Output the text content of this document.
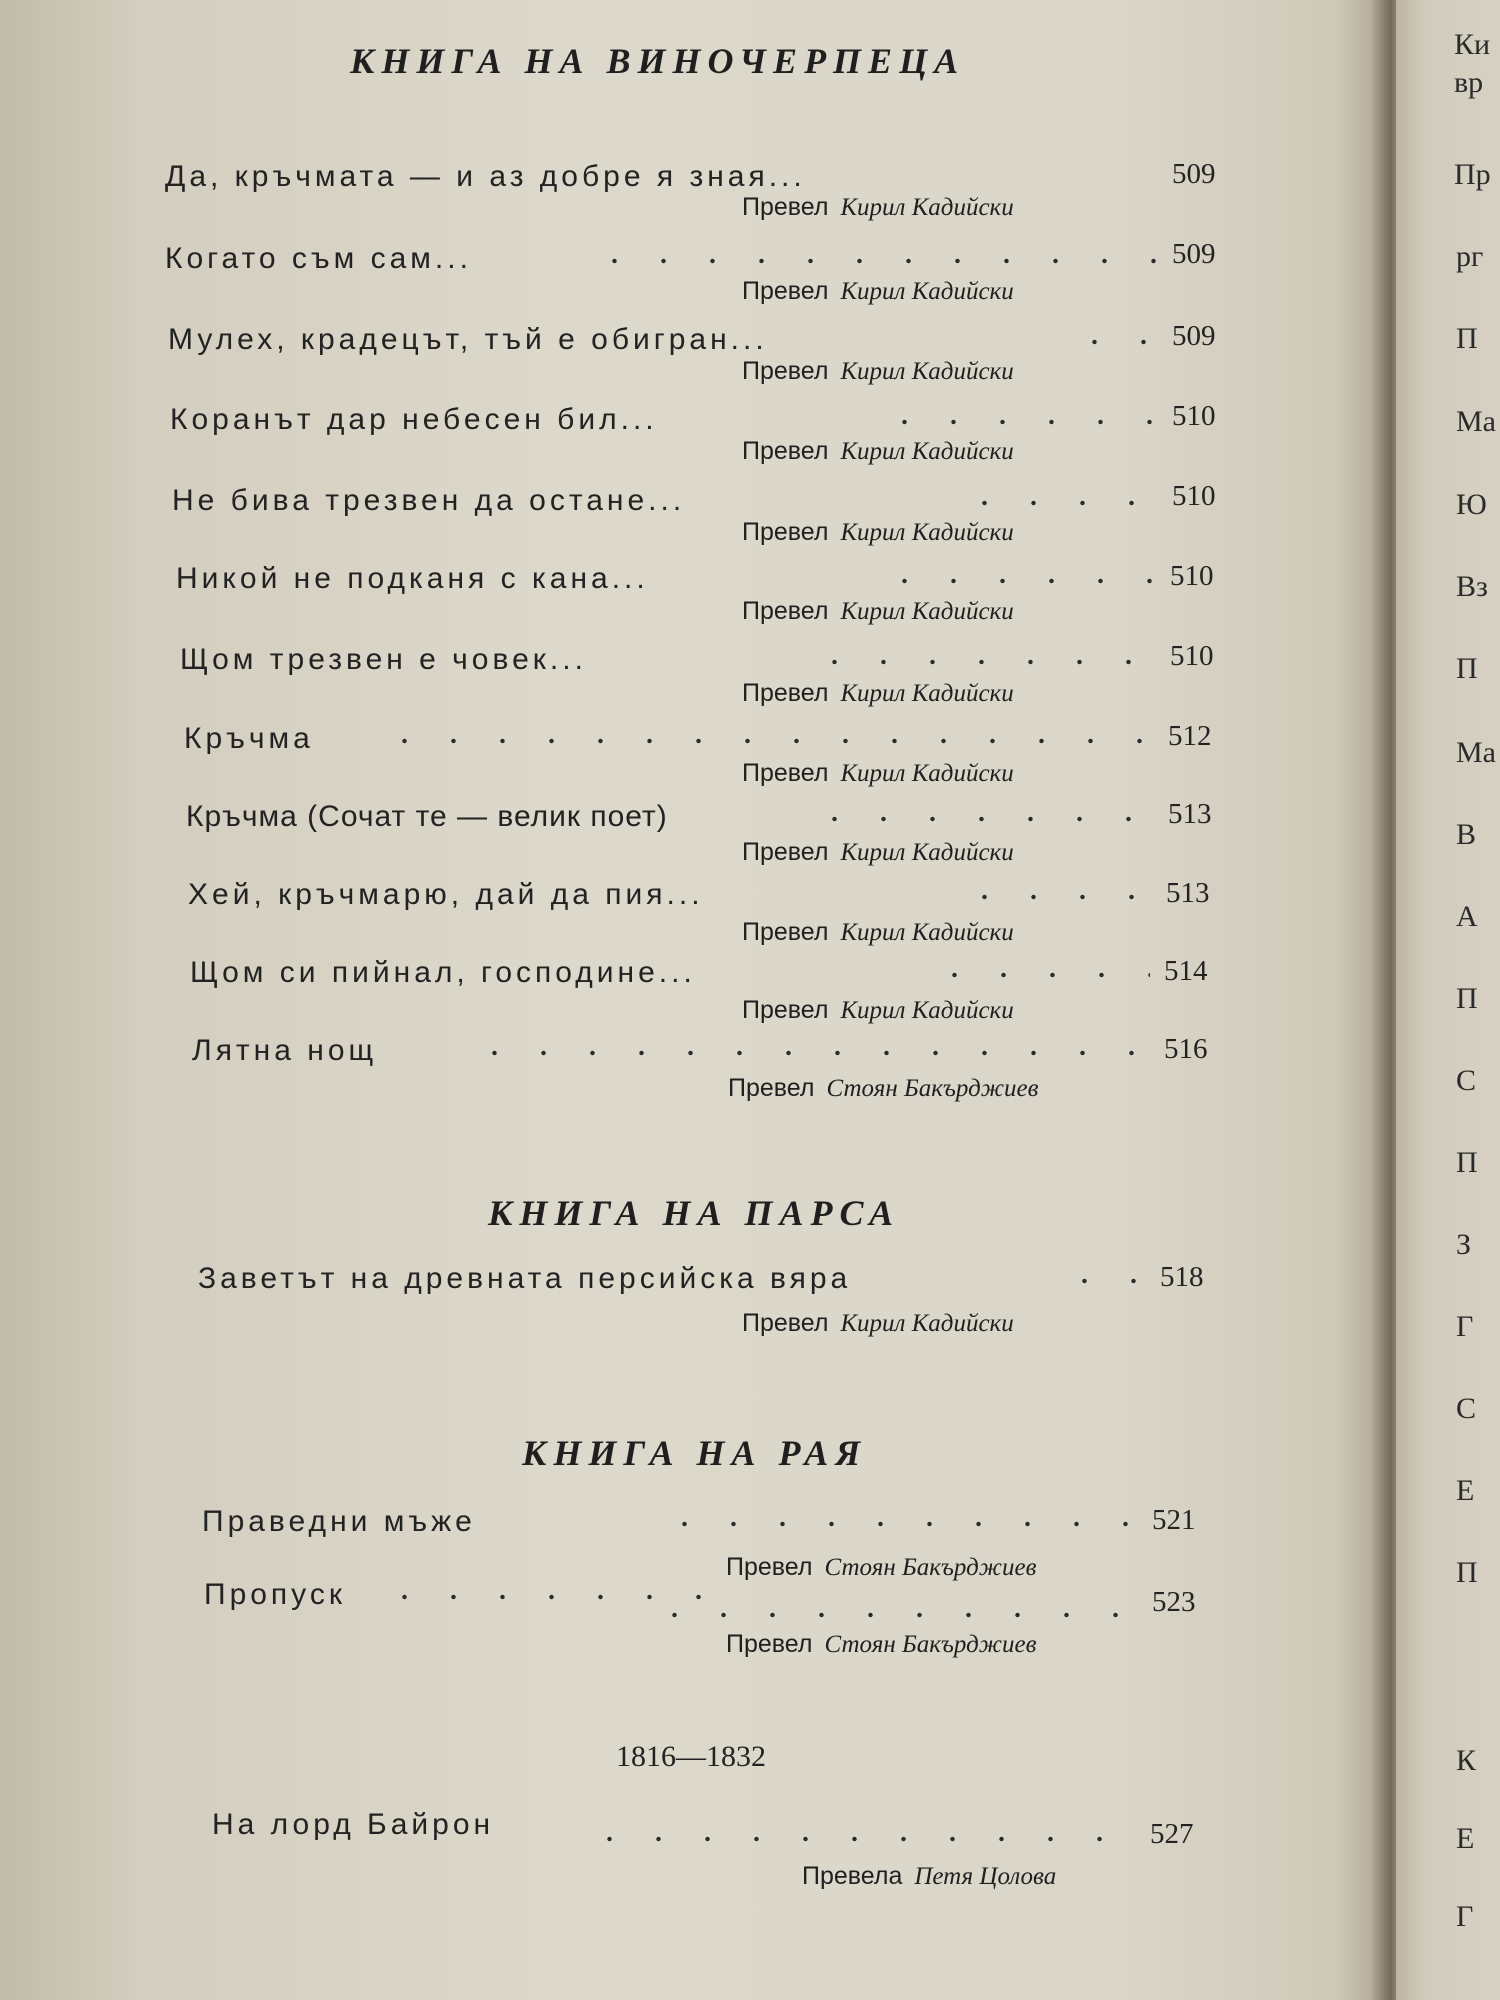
КНИГА НА ВИНОЧЕРПЕЦА
Да, кръчмата — и аз добре я зная...	509
Превел Кирил Кадийски
Когато съм сам...	509
Превел Кирил Кадийски
Мулех, крадецът, тъй е обигран...	509
Превел Кирил Кадийски
Коранът дар небесен бил...	510
Превел Кирил Кадийски
Не бива трезвен да остане...	510
Превел Кирил Кадийски
Никой не подканя с кана...	510
Превел Кирил Кадийски
Щом трезвен е човек...	510
Превел Кирил Кадийски
Кръчма	512
Превел Кирил Кадийски
Кръчма (Сочат те — велик поет)	513
Превел Кирил Кадийски
Хей, кръчмарю, дай да пия...	513
Превел Кирил Кадийски
Щом си пийнал, господине...	514
Превел Кирил Кадийски
Лятна нощ	516
Превел Стоян Бакърджиев
КНИГА НА ПАРСА
Заветът на древната персийска вяра	518
Превел Кирил Кадийски
КНИГА НА РАЯ
Праведни мъже	521
Превел Стоян Бакърджиев
Пропуск	523
Превел Стоян Бакърджиев
1816—1832
На лорд Байрон	527
Превела Петя Цолова
Ки
вр
Пр
рг
П
Ма
Ю
Вз
П
Ма
В
А
П
С
П
З
Г
С
Е
П
К
Е
Г
